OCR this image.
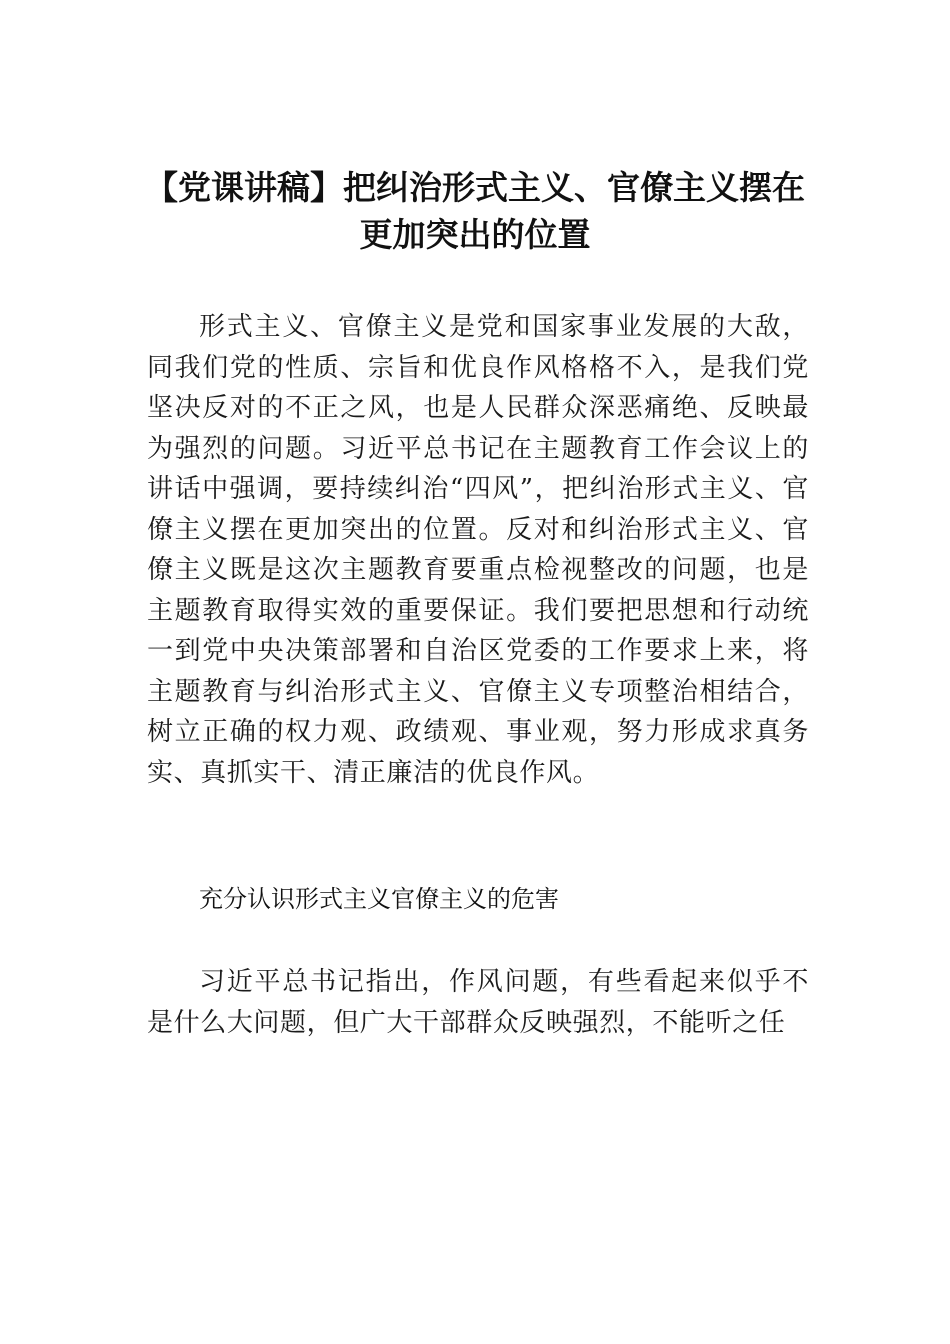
【党课讲稿】把纠治形式主义、官僚主义摆在更加突出的位置

形式主义、官僚主义是党和国家事业发展的大敌，同我们党的性质、宗旨和优良作风格格不入，是我们党坚决反对的不正之风，也是人民群众深恶痛绝、反映最为强烈的问题。习近平总书记在主题教育工作会议上的讲话中强调，要持续纠治“四风”，把纠治形式主义、官僚主义摆在更加突出的位置。反对和纠治形式主义、官僚主义既是这次主题教育要重点检视整改的问题，也是主题教育取得实效的重要保证。我们要把思想和行动统一到党中央决策部署和自治区党委的工作要求上来，将主题教育与纠治形式主义、官僚主义专项整治相结合，树立正确的权力观、政绩观、事业观，努力形成求真务实、真抓实干、清正廉洁的优良作风。

充分认识形式主义官僚主义的危害

习近平总书记指出，作风问题，有些看起来似乎不是什么大问题，但广大干部群众反映强烈，不能听之任
